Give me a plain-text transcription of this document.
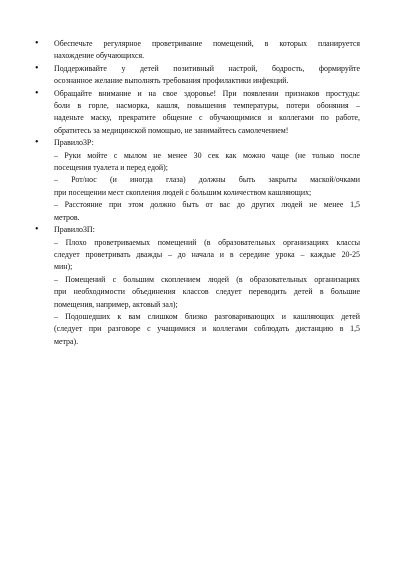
• Обеспечьте регулярное проветривание помещений, в которых планируется
нахождение обучающихся.
• Поддерживайте у детей позитивный настрой, бодрость, формируйте
осознанное желание выполнять требования профилактики инфекций.
• Обращайте внимание и на свое здоровье! При появлении признаков простуды:
боли в горле, насморка, кашля, повышения температуры, потери обоняния –
наденьте маску, прекратите общение с обучающимися и коллегами по работе,
обратитесь за медицинской помощью, не занимайтесь самолечением!
• Правило3Р:
– Руки мойте с мылом не менее 30 сек как можно чаще (не только после
посещения туалета и перед едой);
– Рот/нос (и иногда глаза) должны быть закрыты маской/очками
при посещении мест скопления людей с большим количеством кашляющих;
– Расстояние при этом должно быть от вас до других людей не менее 1,5
метров.
• Правило3П:
– Плохо проветриваемых помещений (в образовательных организациях классы
следует проветривать дважды – до начала и в середине урока – каждые 20-25
мин);
– Помещений с большим скоплением людей (в образовательных организациях
при необходимости объединения классов следует переводить детей в большие
помещения, например, актовый зал);
– Подошедших к вам слишком близко разговаривающих и кашляющих детей
(следует при разговоре с учащимися и коллегами соблюдать дистанцию в 1,5
метра).
